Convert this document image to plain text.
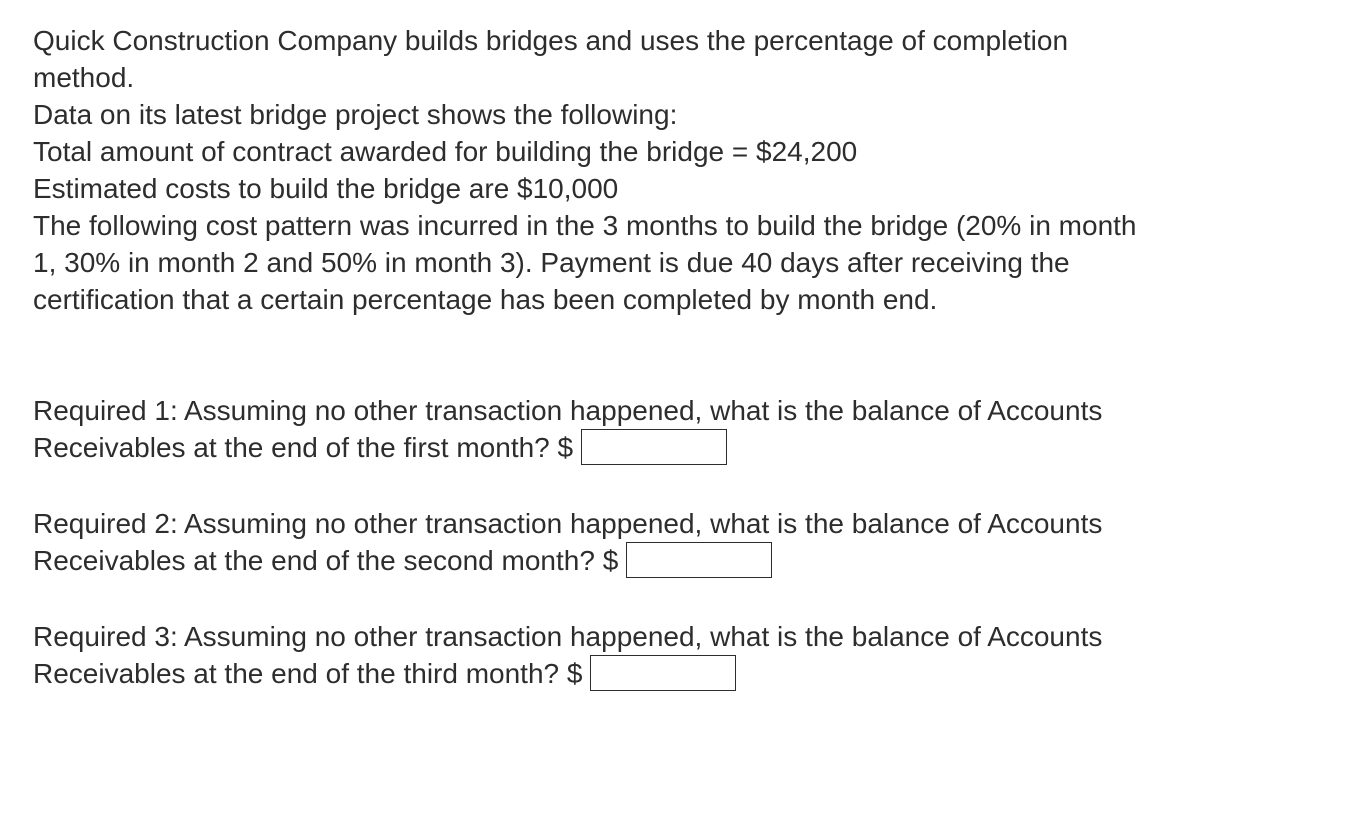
Quick Construction Company builds bridges and uses the percentage of completion

method.

Data on its latest bridge project shows the following:

Total amount of contract awarded for building the bridge = $24,200

Estimated costs to build the bridge are $10,000

The following cost pattern was incurred in the 3 months to build the bridge (20% in month

1, 30% in month 2 and 50% in month 3). Payment is due 40 days after receiving the

certification that a certain percentage has been completed by month end.

Required 1: Assuming no other transaction happened, what is the balance of Accounts

Receivables at the end of the first month? $

Required 2: Assuming no other transaction happened, what is the balance of Accounts

Receivables at the end of the second month? $

Required 3: Assuming no other transaction happened, what is the balance of Accounts

Receivables at the end of the third month? $
